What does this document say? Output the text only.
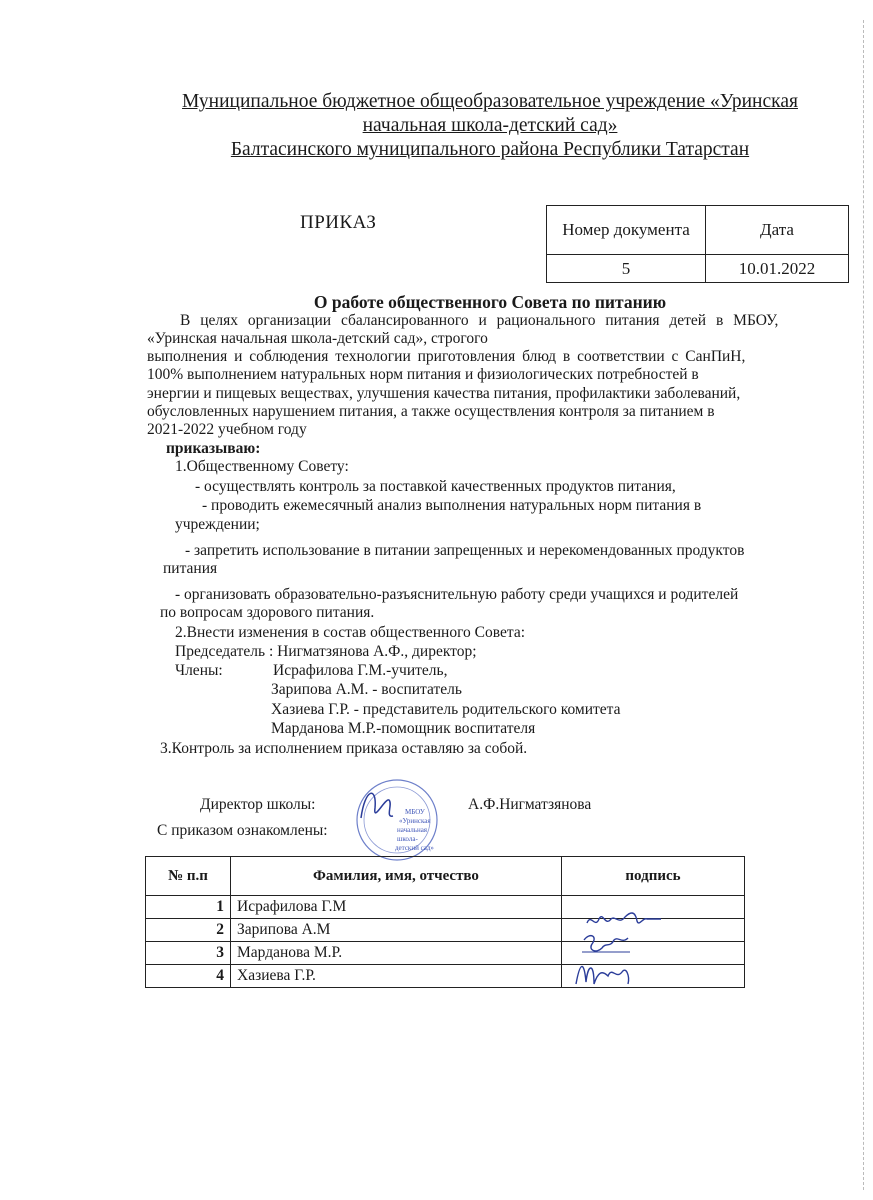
Муниципальное бюджетное общеобразовательное учреждение «Уринская
начальная школа-детский сад»
Балтасинского муниципального района Республики Татарстан
ПРИКАЗ	Номер документа	Дата
5	10.01.2022
О работе общественного Совета по питанию
В целях организации сбалансированного и рационального питания детей в МБОУ,
«Уринская начальная школа-детский сад», строгого
выполнения и соблюдения технологии приготовления блюд в соответствии с СанПиН,
100% выполнением натуральных норм питания и физиологических потребностей в
энергии и пищевых веществах, улучшения качества питания, профилактики заболеваний,
обусловленных нарушением питания, а также осуществления контроля за питанием в
2021-2022 учебном году
приказываю:
1.Общественному Совету:
- осуществлять контроль за поставкой качественных продуктов питания,
- проводить ежемесячный анализ выполнения натуральных норм питания в
учреждении;
- запретить использование в питании запрещенных и нерекомендованных продуктов
питания
- организовать образовательно-разъяснительную работу среди учащихся и родителей
по вопросам здорового питания.
2.Внести изменения в состав общественного Совета:
Председатель : Нигматзянова А.Ф., директор;
Члены:	Исрафилова Г.М.-учитель,
Зарипова А.М. - воспитатель
Хазиева Г.Р. - представитель родительского комитета
Марданова М.Р.-помощник воспитателя
3.Контроль за исполнением приказа оставляю за собой.
Директор школы:	А.Ф.Нигматзянова
МБОУ
«Уринская
начальная
школа-
детский сад»
С приказом ознакомлены:
№ п.п	Фамилия, имя, отчество	подпись
1	Исрафилова Г.М	
2	Зарипова А.М	
3	Марданова М.Р.	
4	Хазиева Г.Р.	
